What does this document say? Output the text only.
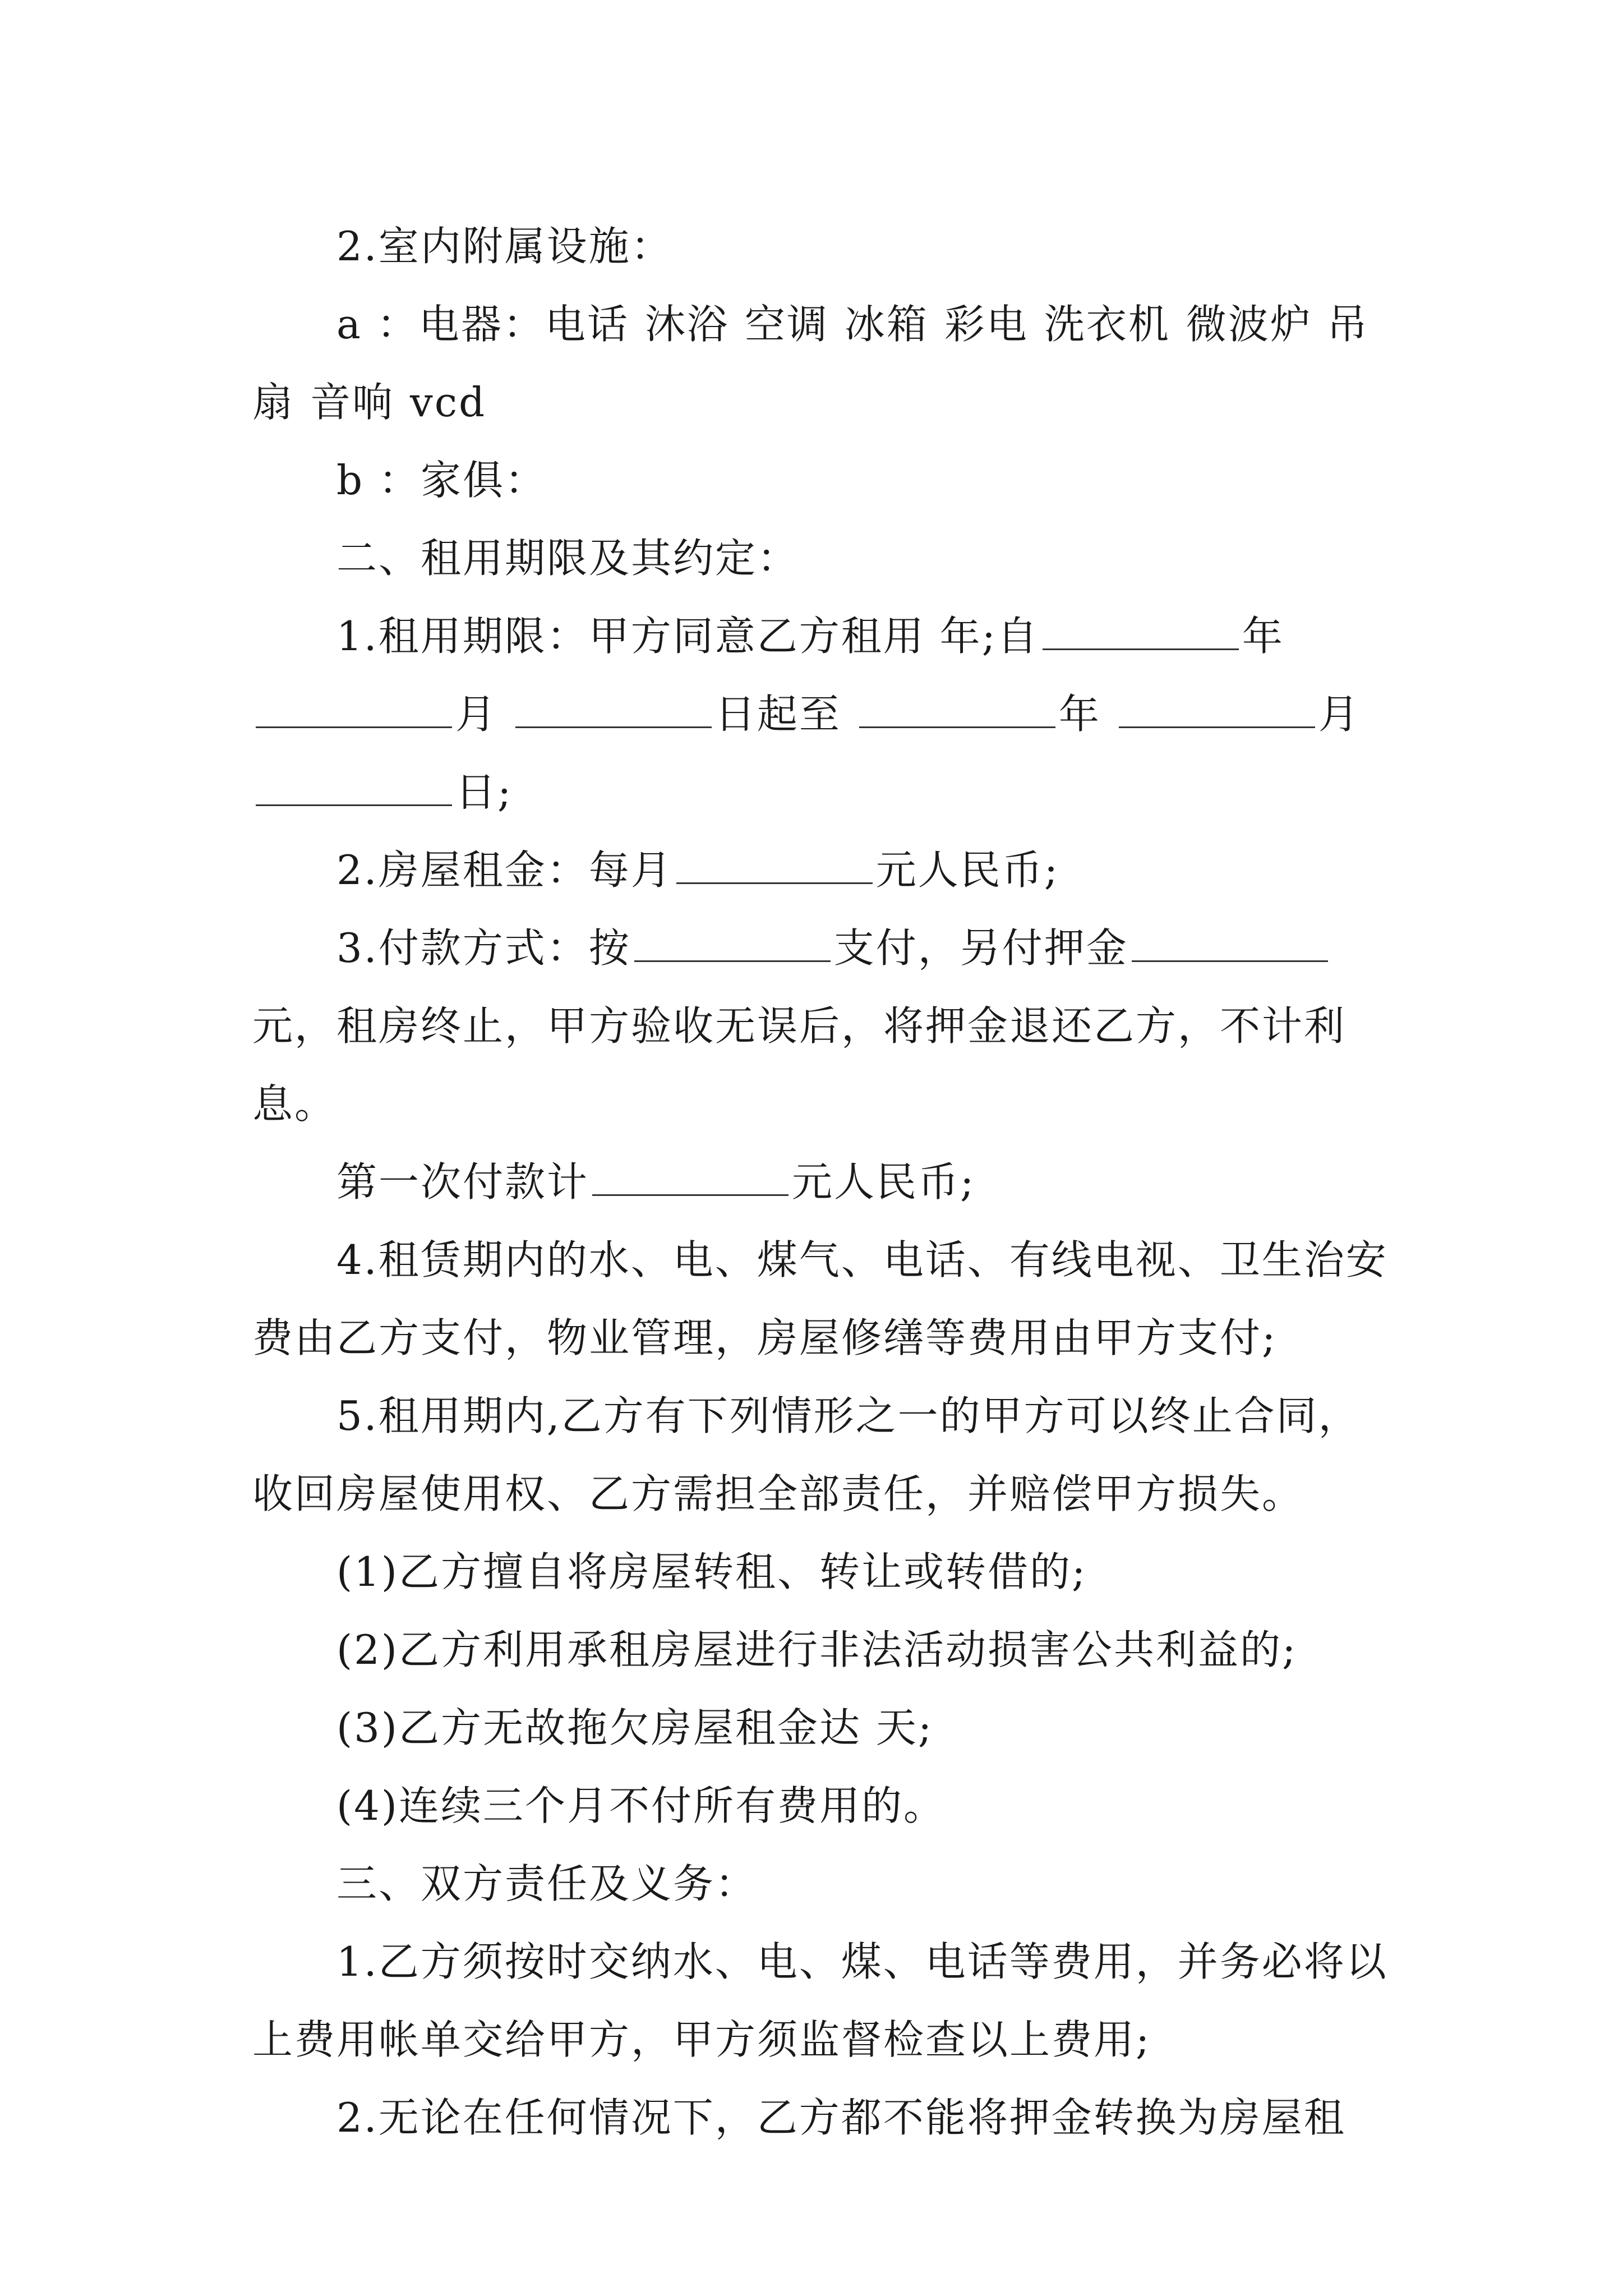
2.室内附属设施：

a ：电器：电话 沐浴 空调 冰箱 彩电 洗衣机 微波炉 吊扇 音响 vcd

b ：家俱：

二、租用期限及其约定：

1.租用期限：甲方同意乙方租用 年;自	年 月	日起至	年	月 日;

2.房屋租金：每月	元人民币;

3.付款方式：按	支付，另付押金元，租房终止，甲方验收无误后，将押金退还乙方，不计利息。

第一次付款计	元人民币;

4.租赁期内的水、电、煤气、电话、有线电视、卫生治安费由乙方支付，物业管理，房屋修缮等费用由甲方支付;

5.租用期内,乙方有下列情形之一的甲方可以终止合同，收回房屋使用权、乙方需担全部责任，并赔偿甲方损失。

(1)乙方擅自将房屋转租、转让或转借的;

(2)乙方利用承租房屋进行非法活动损害公共利益的;

(3)乙方无故拖欠房屋租金达 天;

(4)连续三个月不付所有费用的。

三、双方责任及义务：

1.乙方须按时交纳水、电、煤、电话等费用，并务必将以上费用帐单交给甲方，甲方须监督检查以上费用;

2.无论在任何情况下，乙方都不能将押金转换为房屋租
